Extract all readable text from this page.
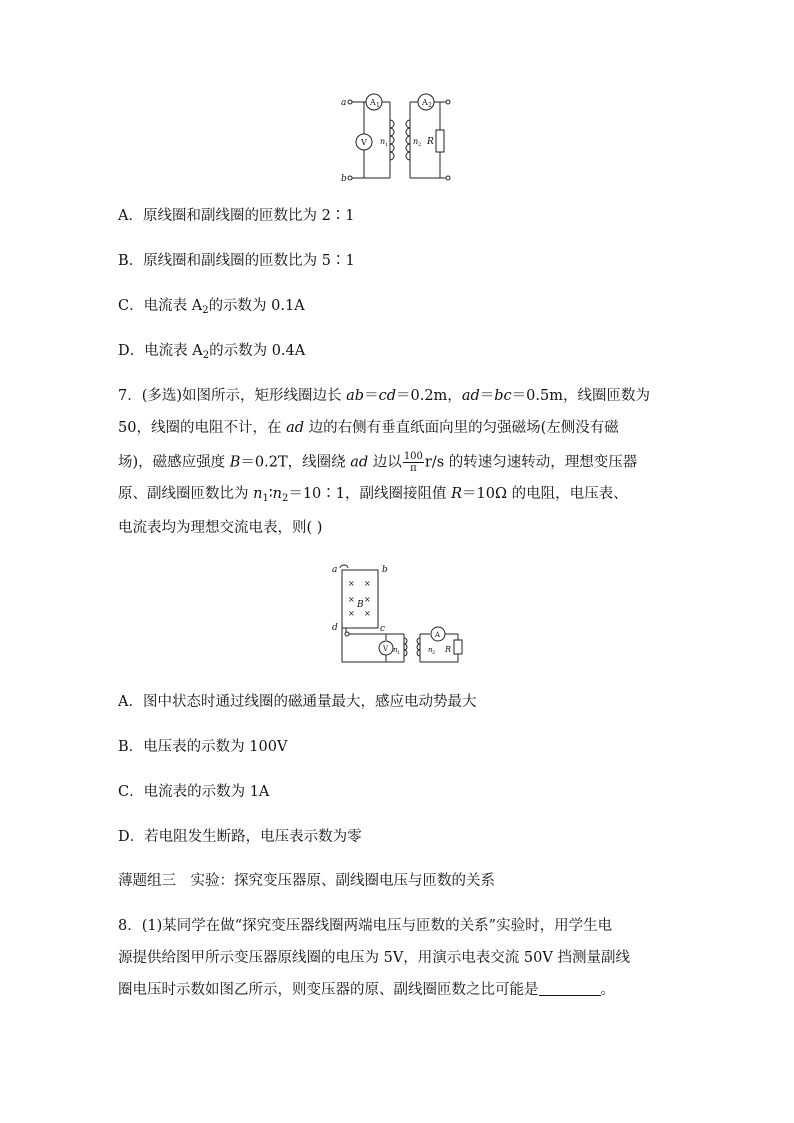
a
b
A 1
V
A 2
n 1	n 2 R
A．原线圈和副线圈的匝数比为 2∶1
B．原线圈和副线圈的匝数比为 5∶1
C．电流表 $A_2$的示数为 0.1A
D．电流表 $A_2$的示数为 0.4A
7．(多选)如图所示，矩形线圈边长 ab＝cd＝0.2m，ad＝bc＝0.5m，线圈匝数为
50，线圈的电阻不计，在 ad 边的右侧有垂直纸面向里的匀强磁场(左侧没有磁
场)，磁感应强度 B＝0.2T，线圈绕 ad 边以 $\frac{100}{\pi} r/s$ 的转速匀速转动，理想变压器
原、副线圈匝数比为 $n_1∶n_2=10∶1$，副线圈接阻值 R＝10Ω 的电阻，电压表、
电流表均为理想交流电表，则( )
a	b
d	c
× ×
×
×
×
×
B
V
A
n 1	n 2 R
A．图中状态时通过线圈的磁通量最大，感应电动势最大
B．电压表的示数为 100V
C．电流表的示数为 1A
D．若电阻发生断路，电压表示数为零
薄题组三　实验：探究变压器原、副线圈电压与匝数的关系
8．(1)某同学在做“探究变压器线圈两端电压与匝数的关系”实验时，用学生电
源提供给图甲所示变压器原线圈的电压为 5V，用演示电表交流 50V 挡测量副线
圈电压时示数如图乙所示，则变压器的原、副线圈匝数之比可能是	。
